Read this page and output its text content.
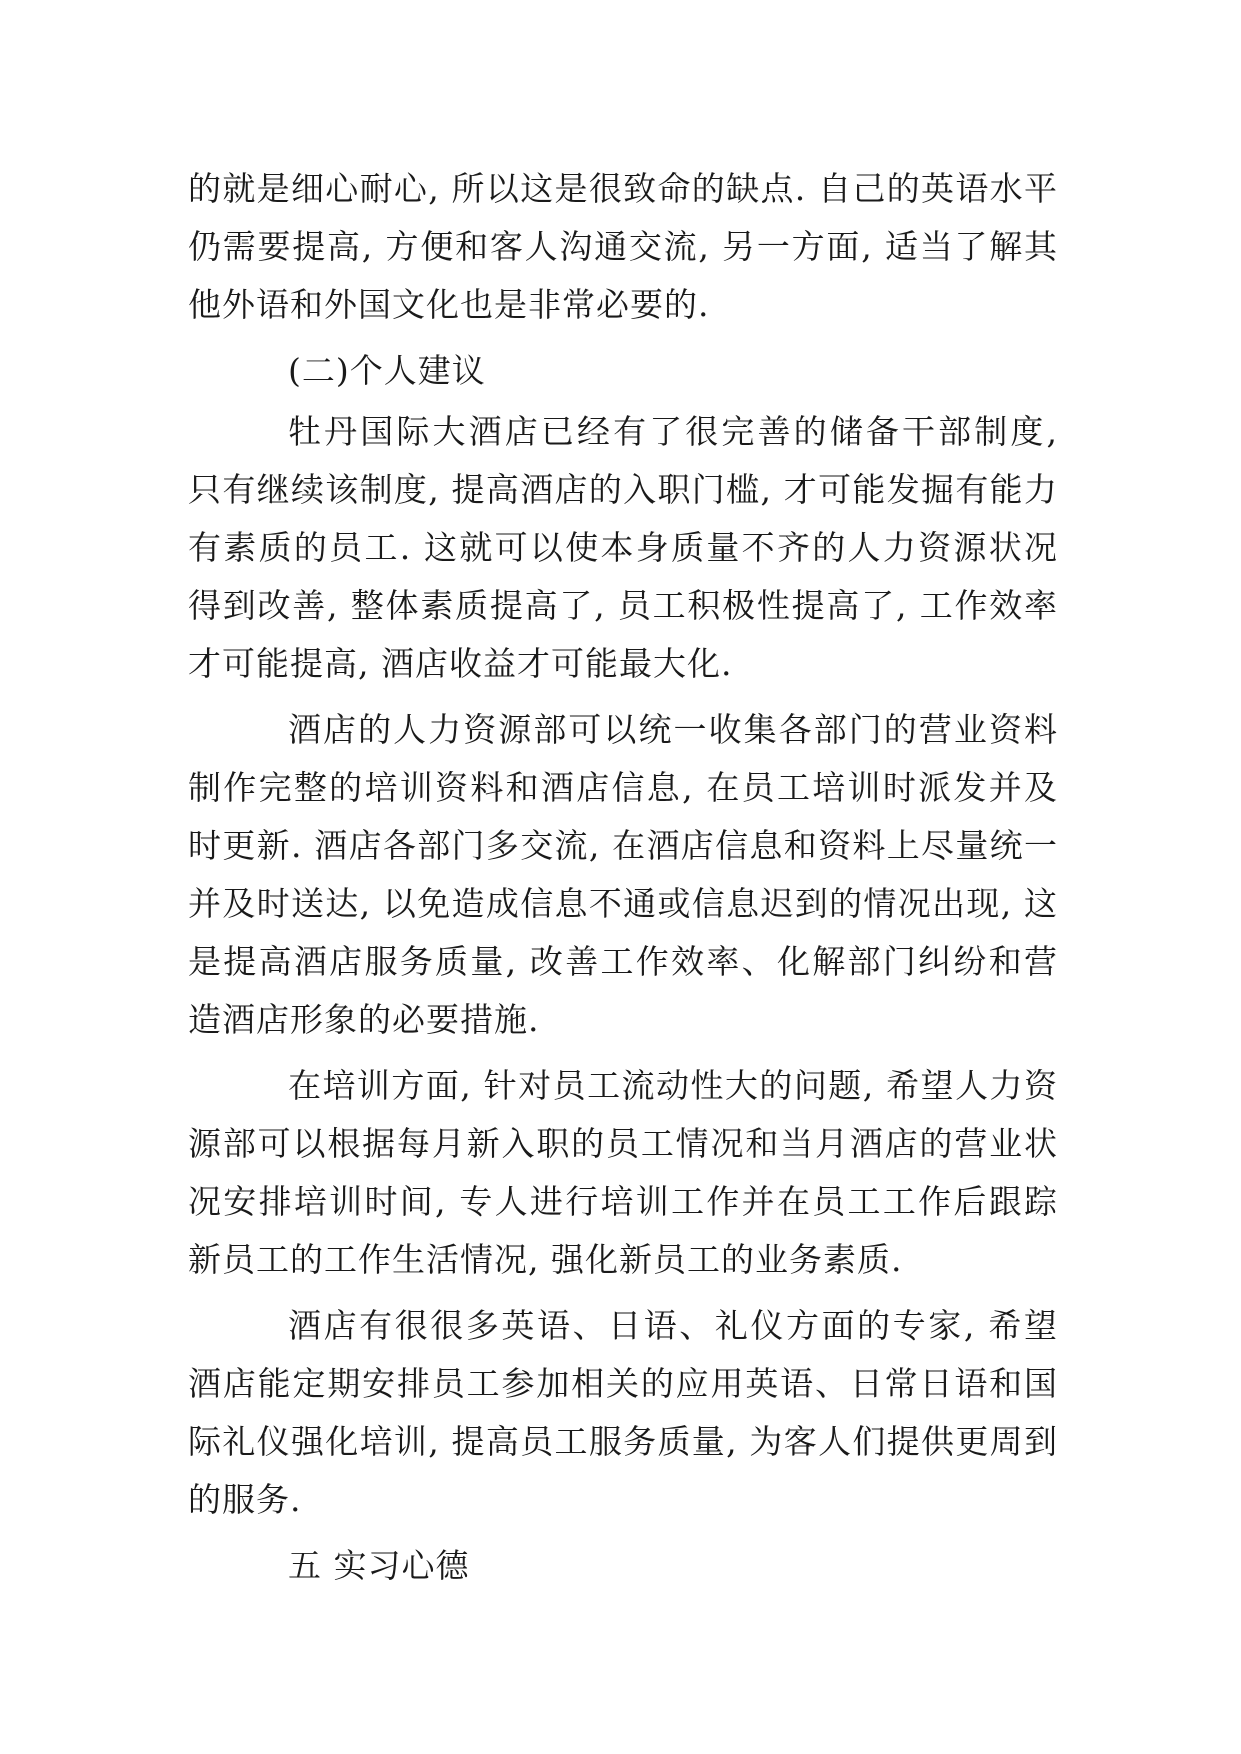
的就是细心耐心, 所以这是很致命的缺点. 自己的英语水平仍需要提高, 方便和客人沟通交流, 另一方面, 适当了解其他外语和外国文化也是非常必要的.

(二)个人建议

牡丹国际大酒店已经有了很完善的储备干部制度, 只有继续该制度, 提高酒店的入职门槛, 才可能发掘有能力有素质的员工. 这就可以使本身质量不齐的人力资源状况得到改善, 整体素质提高了, 员工积极性提高了, 工作效率才可能提高, 酒店收益才可能最大化.

酒店的人力资源部可以统一收集各部门的营业资料制作完整的培训资料和酒店信息, 在员工培训时派发并及时更新. 酒店各部门多交流, 在酒店信息和资料上尽量统一并及时送达, 以免造成信息不通或信息迟到的情况出现, 这是提高酒店服务质量, 改善工作效率、化解部门纠纷和营造酒店形象的必要措施.

在培训方面, 针对员工流动性大的问题, 希望人力资源部可以根据每月新入职的员工情况和当月酒店的营业状况安排培训时间, 专人进行培训工作并在员工工作后跟踪新员工的工作生活情况, 强化新员工的业务素质.

酒店有很很多英语、日语、礼仪方面的专家, 希望酒店能定期安排员工参加相关的应用英语、日常日语和国际礼仪强化培训, 提高员工服务质量, 为客人们提供更周到的服务.

五 实习心德
